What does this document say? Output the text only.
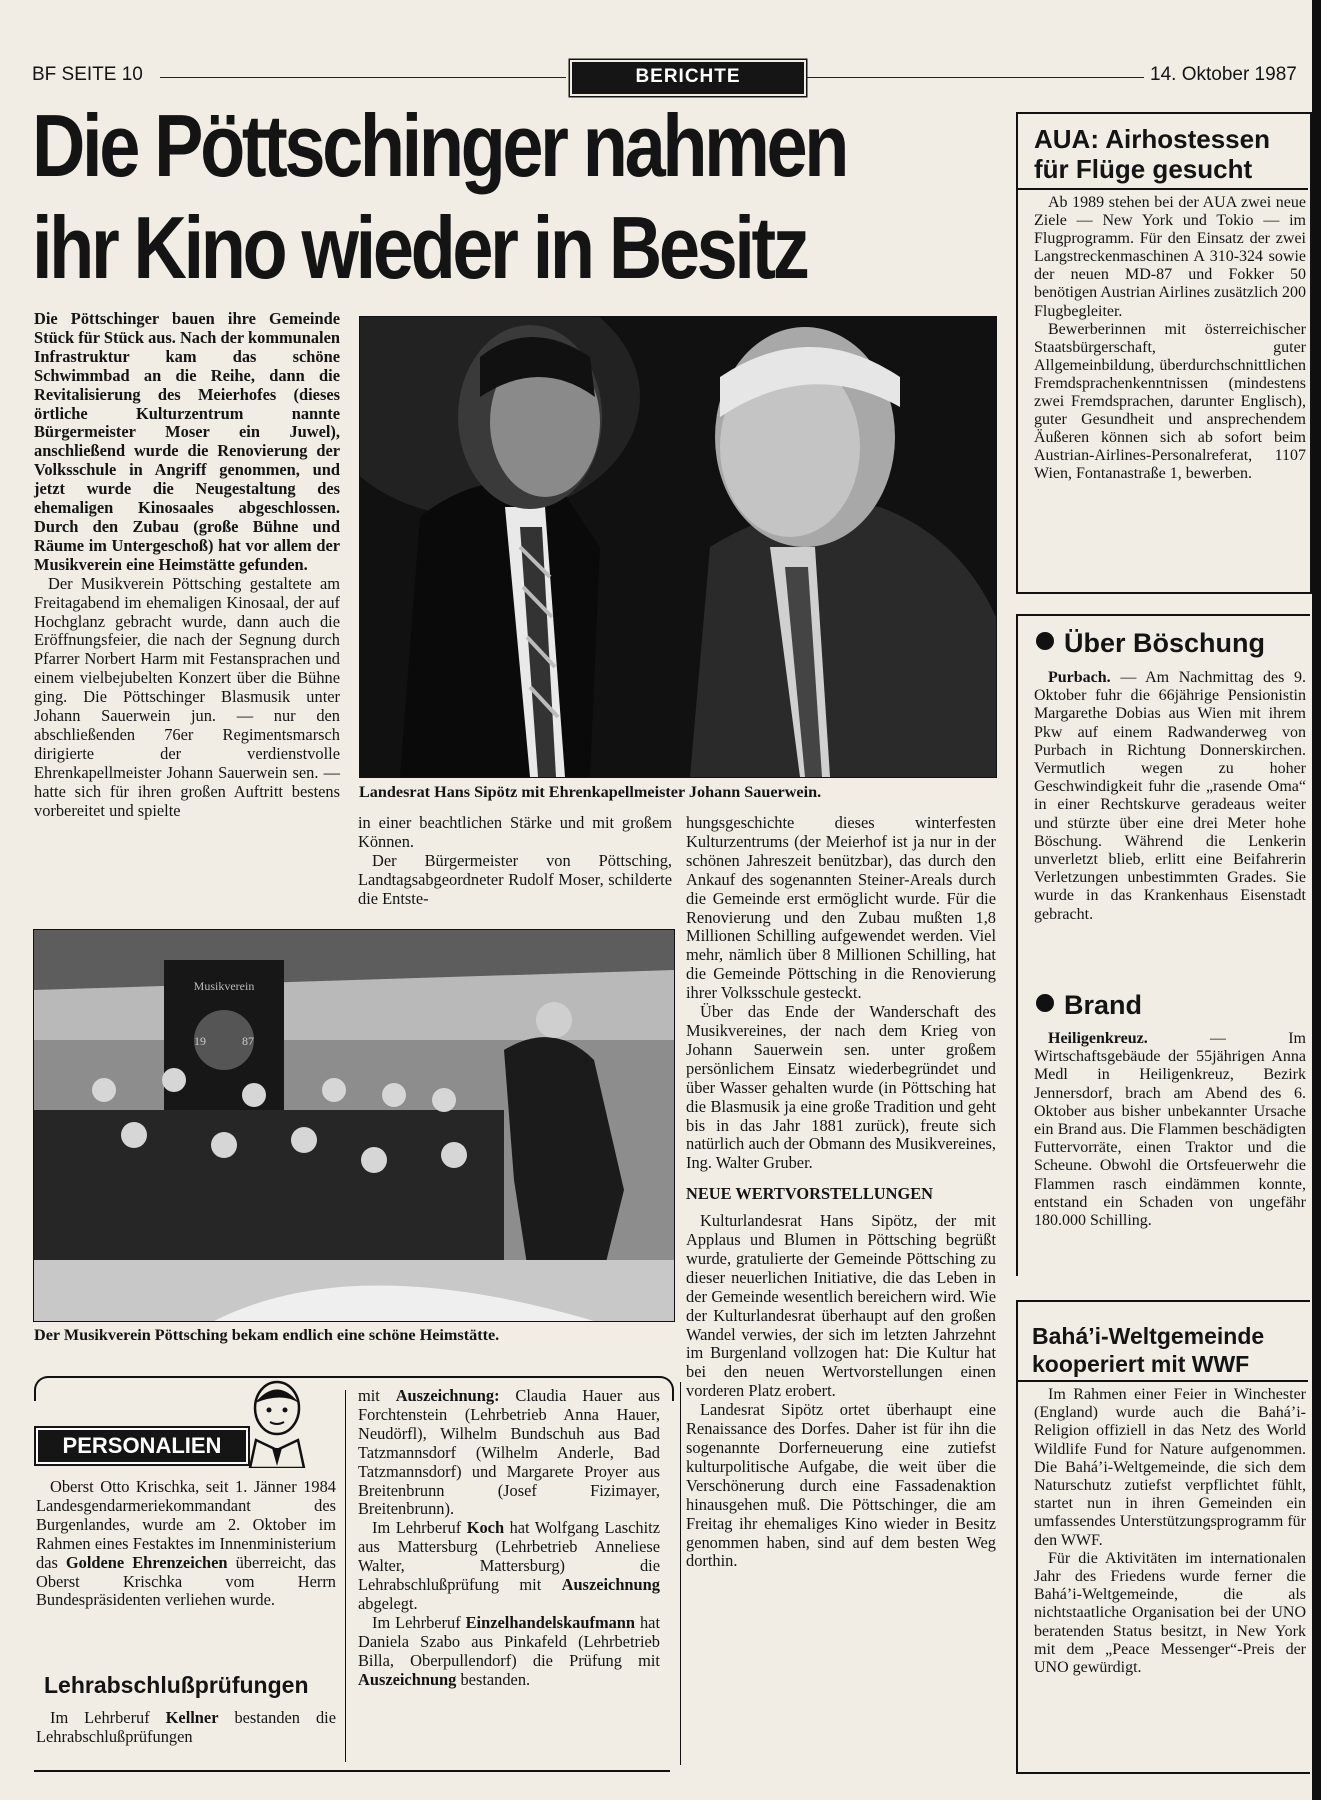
BF SEITE 10	BERICHTE	14. Oktober 1987
Die Pöttschinger nahmen
ihr Kino wieder in Besitz

Die Pöttschinger bauen ihre Gemeinde Stück für Stück aus. Nach der kommunalen Infrastruktur kam das schöne Schwimmbad an die Reihe, dann die Revitalisierung des Meierhofes (dieses örtliche Kulturzentrum nannte Bürgermeister Moser ein Juwel), anschließend wurde die Renovierung der Volksschule in Angriff genommen, und jetzt wurde die Neugestaltung des ehemaligen Kinosaales abgeschlossen. Durch den Zubau (große Bühne und Räume im Untergeschoß) hat vor allem der Musikverein eine Heimstätte gefunden.

Der Musikverein Pöttsching gestaltete am Freitagabend im ehemaligen Kinosaal, der auf Hochglanz gebracht wurde, dann auch die Eröffnungsfeier, die nach der Segnung durch Pfarrer Norbert Harm mit Festansprachen und einem vielbejubelten Konzert über die Bühne ging. Die Pöttschinger Blasmusik unter Johann Sauerwein jun. — nur den abschließenden 76er Regimentsmarsch dirigierte der verdienstvolle Ehrenkapellmeister Johann Sauerwein sen. — hatte sich für ihren großen Auftritt bestens vorbereitet und spielte

Landesrat Hans Sipötz mit Ehrenkapellmeister Johann Sauerwein.

in einer beachtlichen Stärke und mit großem Können.

Der Bürgermeister von Pöttsching, Landtagsabgeordneter Rudolf Moser, schilderte die Entste-

Musikverein
19	87
Der Musikverein Pöttsching bekam endlich eine schöne Heimstätte.

hungsgeschichte dieses winterfesten Kulturzentrums (der Meierhof ist ja nur in der schönen Jahreszeit benützbar), das durch den Ankauf des sogenannten Steiner-Areals durch die Gemeinde erst ermöglicht wurde. Für die Renovierung und den Zubau mußten 1,8 Millionen Schilling aufgewendet werden. Viel mehr, nämlich über 8 Millionen Schilling, hat die Gemeinde Pöttsching in die Renovierung ihrer Volksschule gesteckt.

Über das Ende der Wanderschaft des Musikvereines, der nach dem Krieg von Johann Sauerwein sen. unter großem persönlichem Einsatz wiederbegründet und über Wasser gehalten wurde (in Pöttsching hat die Blasmusik ja eine große Tradition und geht bis in das Jahr 1881 zurück), freute sich natürlich auch der Obmann des Musikvereines, Ing. Walter Gruber.

NEUE WERTVORSTELLUNGEN

Kulturlandesrat Hans Sipötz, der mit Applaus und Blumen in Pöttsching begrüßt wurde, gratulierte der Gemeinde Pöttsching zu dieser neuerlichen Initiative, die das Leben in der Gemeinde wesentlich bereichern wird. Wie der Kulturlandesrat überhaupt auf den großen Wandel verwies, der sich im letzten Jahrzehnt im Burgenland vollzogen hat: Die Kultur hat bei den neuen Wertvorstellungen einen vorderen Platz erobert.

Landesrat Sipötz ortet überhaupt eine Renaissance des Dorfes. Daher ist für ihn die sogenannte Dorferneuerung eine zutiefst kulturpolitische Aufgabe, die weit über die Verschönerung durch eine Fassadenaktion hinausgehen muß. Die Pöttschinger, die am Freitag ihr ehemaliges Kino wieder in Besitz genommen haben, sind auf dem besten Weg dorthin.

PERSONALIEN

Oberst Otto Krischka, seit 1. Jänner 1984 Landesgendarmeriekommandant des Burgenlandes, wurde am 2. Oktober im Rahmen eines Festaktes im Innenministerium das Goldene Ehrenzeichen überreicht, das Oberst Krischka vom Herrn Bundespräsidenten verliehen wurde.

Lehrabschlußprüfungen

Im Lehrberuf Kellner bestanden die Lehrabschlußprüfungen

mit Auszeichnung: Claudia Hauer aus Forchtenstein (Lehrbetrieb Anna Hauer, Neudörfl), Wilhelm Bundschuh aus Bad Tatzmannsdorf (Wilhelm Anderle, Bad Tatzmannsdorf) und Margarete Proyer aus Breitenbrunn (Josef Fizimayer, Breitenbrunn).

Im Lehrberuf Koch hat Wolfgang Laschitz aus Mattersburg (Lehrbetrieb Anneliese Walter, Mattersburg) die Lehrabschlußprüfung mit Auszeichnung abgelegt.

Im Lehrberuf Einzelhandelskaufmann hat Daniela Szabo aus Pinkafeld (Lehrbetrieb Billa, Oberpullendorf) die Prüfung mit Auszeichnung bestanden.

AUA: Airhostessen
für Flüge gesucht

Ab 1989 stehen bei der AUA zwei neue Ziele — New York und Tokio — im Flugprogramm. Für den Einsatz der zwei Langstreckenmaschinen A 310-324 sowie der neuen MD-87 und Fokker 50 benötigen Austrian Airlines zusätzlich 200 Flugbegleiter.

Bewerberinnen mit österreichischer Staatsbürgerschaft, guter Allgemeinbildung, überdurchschnittlichen Fremdsprachenkenntnissen (mindestens zwei Fremdsprachen, darunter Englisch), guter Gesundheit und ansprechendem Äußeren können sich ab sofort beim Austrian-Airlines-Personalreferat, 1107 Wien, Fontanastraße 1, bewerben.

Über Böschung

Purbach. — Am Nachmittag des 9. Oktober fuhr die 66jährige Pensionistin Margarethe Dobias aus Wien mit ihrem Pkw auf einem Radwanderweg von Purbach in Richtung Donnerskirchen. Vermutlich wegen zu hoher Geschwindigkeit fuhr die „rasende Oma“ in einer Rechtskurve geradeaus weiter und stürzte über eine drei Meter hohe Böschung. Während die Lenkerin unverletzt blieb, erlitt eine Beifahrerin Verletzungen unbestimmten Grades. Sie wurde in das Krankenhaus Eisenstadt gebracht.

Brand

Heiligenkreuz.	— Im Wirtschaftsgebäude der 55jährigen Anna Medl in Heiligenkreuz, Bezirk Jennersdorf, brach am Abend des 6. Oktober aus bisher unbekannter Ursache ein Brand aus. Die Flammen beschädigten Futtervorräte, einen Traktor und die Scheune. Obwohl die Ortsfeuerwehr die Flammen rasch eindämmen konnte, entstand ein Schaden von ungefähr 180.000 Schilling.

Bahá’i-Weltgemeinde
kooperiert mit WWF

Im Rahmen einer Feier in Winchester (England) wurde auch die Bahá’i-Religion offiziell in das Netz des World Wildlife Fund for Nature aufgenommen. Die Bahá’i-Weltgemeinde, die sich dem Naturschutz zutiefst verpflichtet fühlt, startet nun in ihren Gemeinden ein umfassendes Unterstützungsprogramm für den WWF.

Für die Aktivitäten im internationalen Jahr des Friedens wurde ferner die Bahá’i-Weltgemeinde, die als nichtstaatliche Organisation bei der UNO beratenden Status besitzt, in New York mit dem „Peace Messenger“-Preis der UNO gewürdigt.
